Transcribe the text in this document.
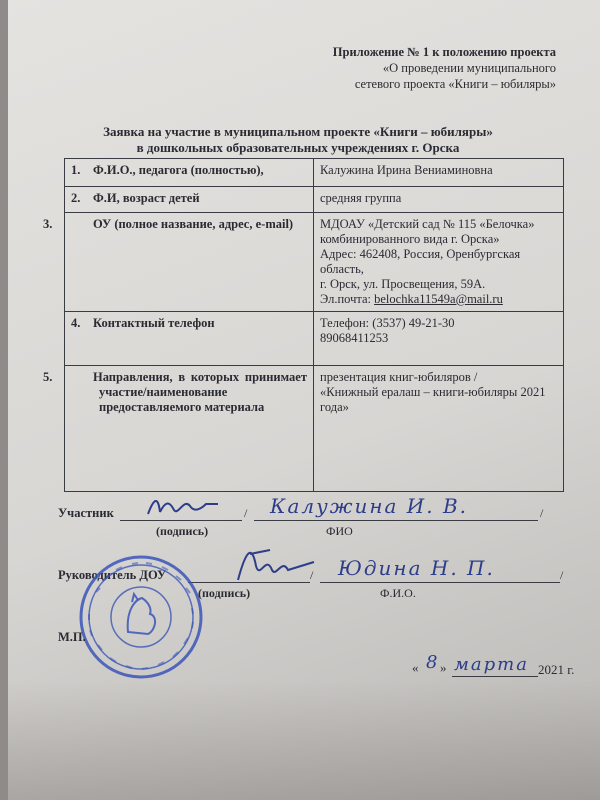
Приложение № 1 к положению проекта
«О проведении муниципального
сетевого проекта «Книги – юбиляры»
Заявка на участие в муниципальном проекте «Книги – юбиляры»
в дошкольных образовательных учреждениях г. Орска
1. Ф.И.О., педагога (полностью),	Калужина Ирина Вениаминовна

2. Ф.И, возраст детей	средняя группа

3. ОУ (полное название, адрес, e-mail)	МДОАУ «Детский сад № 115 «Белочка» комбинированного вида г. Орска»
Адрес: 462408, Россия, Оренбургская область,
г. Орск, ул. Просвещения, 59А.
Эл.почта: belochka11549a@mail.ru

4. Контактный телефон	Телефон: (3537) 49-21-30
89068411253

5. Направления, в которых принимает участие/наименование предоставляемого материала	презентация книг-юбиляров /
«Книжный ералаш – книги-юбиляры 2021 года»
Участник	/	/
Калужина И. В.
(подпись)	ФИО
Руководитель ДОУ	/	/
Юдина Н. П.
(подпись)	Ф.И.О.
М.П.
« 8 » марта 2021 г.
